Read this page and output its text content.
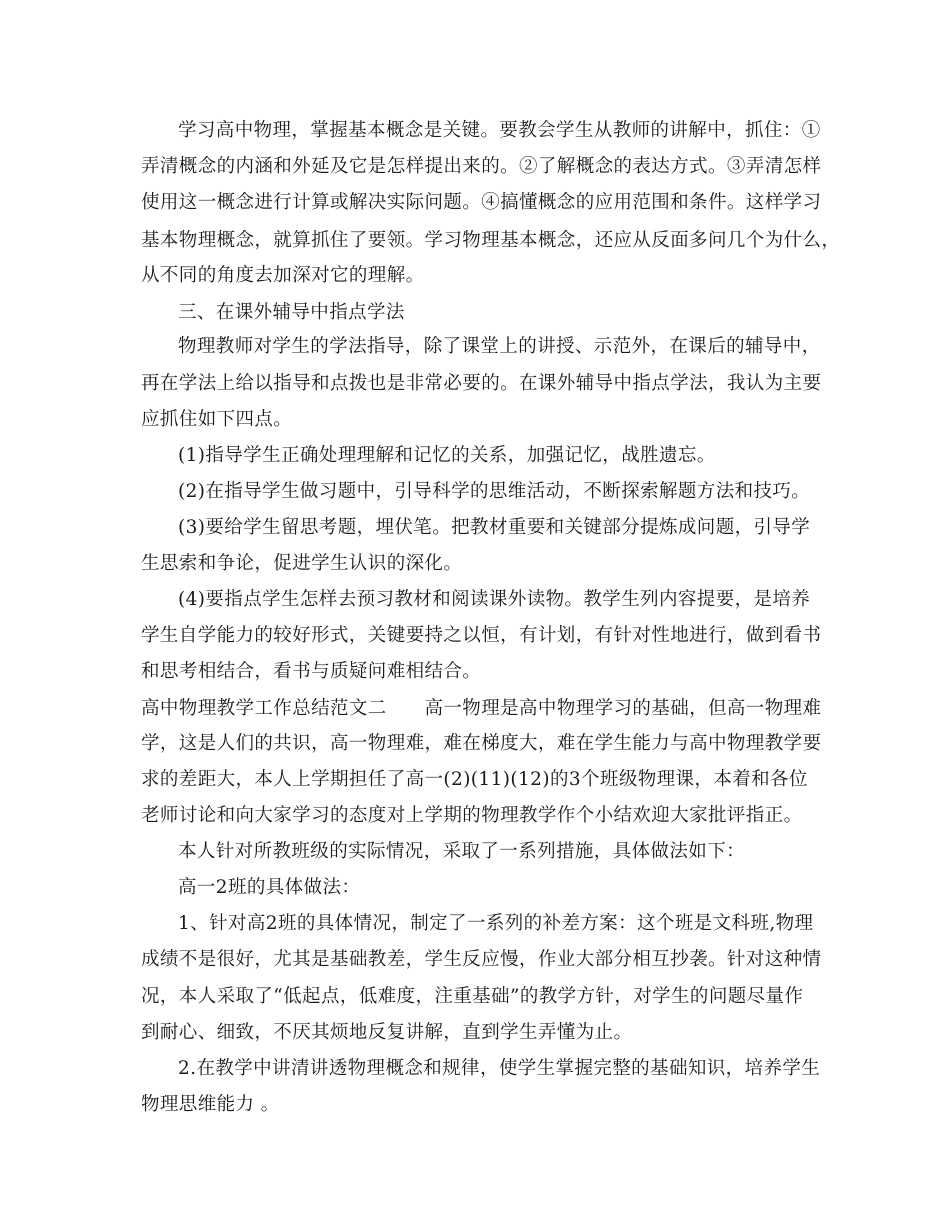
学习高中物理，掌握基本概念是关键。要教会学生从教师的讲解中，抓住：①
弄清概念的内涵和外延及它是怎样提出来的。②了解概念的表达方式。③弄清怎样
使用这一概念进行计算或解决实际问题。④搞懂概念的应用范围和条件。这样学习
基本物理概念，就算抓住了要领。学习物理基本概念，还应从反面多问几个为什么，
从不同的角度去加深对它的理解。
三、在课外辅导中指点学法
物理教师对学生的学法指导，除了课堂上的讲授、示范外，在课后的辅导中，
再在学法上给以指导和点拨也是非常必要的。在课外辅导中指点学法，我认为主要
应抓住如下四点。
(1)指导学生正确处理理解和记忆的关系，加强记忆，战胜遗忘。
(2)在指导学生做习题中，引导科学的思维活动，不断探索解题方法和技巧。
(3)要给学生留思考题，埋伏笔。把教材重要和关键部分提炼成问题，引导学
生思索和争论，促进学生认识的深化。
(4)要指点学生怎样去预习教材和阅读课外读物。教学生列内容提要，是培养
学生自学能力的较好形式，关键要持之以恒，有计划，有针对性地进行，做到看书
和思考相结合，看书与质疑问难相结合。
高中物理教学工作总结范文二　　高一物理是高中物理学习的基础，但高一物理难
学，这是人们的共识，高一物理难，难在梯度大，难在学生能力与高中物理教学要
求的差距大，本人上学期担任了高一(2)(11)(12)的3个班级物理课，本着和各位
老师讨论和向大家学习的态度对上学期的物理教学作个小结欢迎大家批评指正。
本人针对所教班级的实际情况，采取了一系列措施，具体做法如下：
高一2班的具体做法：
1、针对高2班的具体情况，制定了一系列的补差方案：这个班是文科班,物理
成绩不是很好，尤其是基础教差，学生反应慢，作业大部分相互抄袭。针对这种情
况，本人采取了“低起点，低难度，注重基础”的教学方针，对学生的问题尽量作
到耐心、细致，不厌其烦地反复讲解，直到学生弄懂为止。
2.在教学中讲清讲透物理概念和规律，使学生掌握完整的基础知识，培养学生
物理思维能力 。
